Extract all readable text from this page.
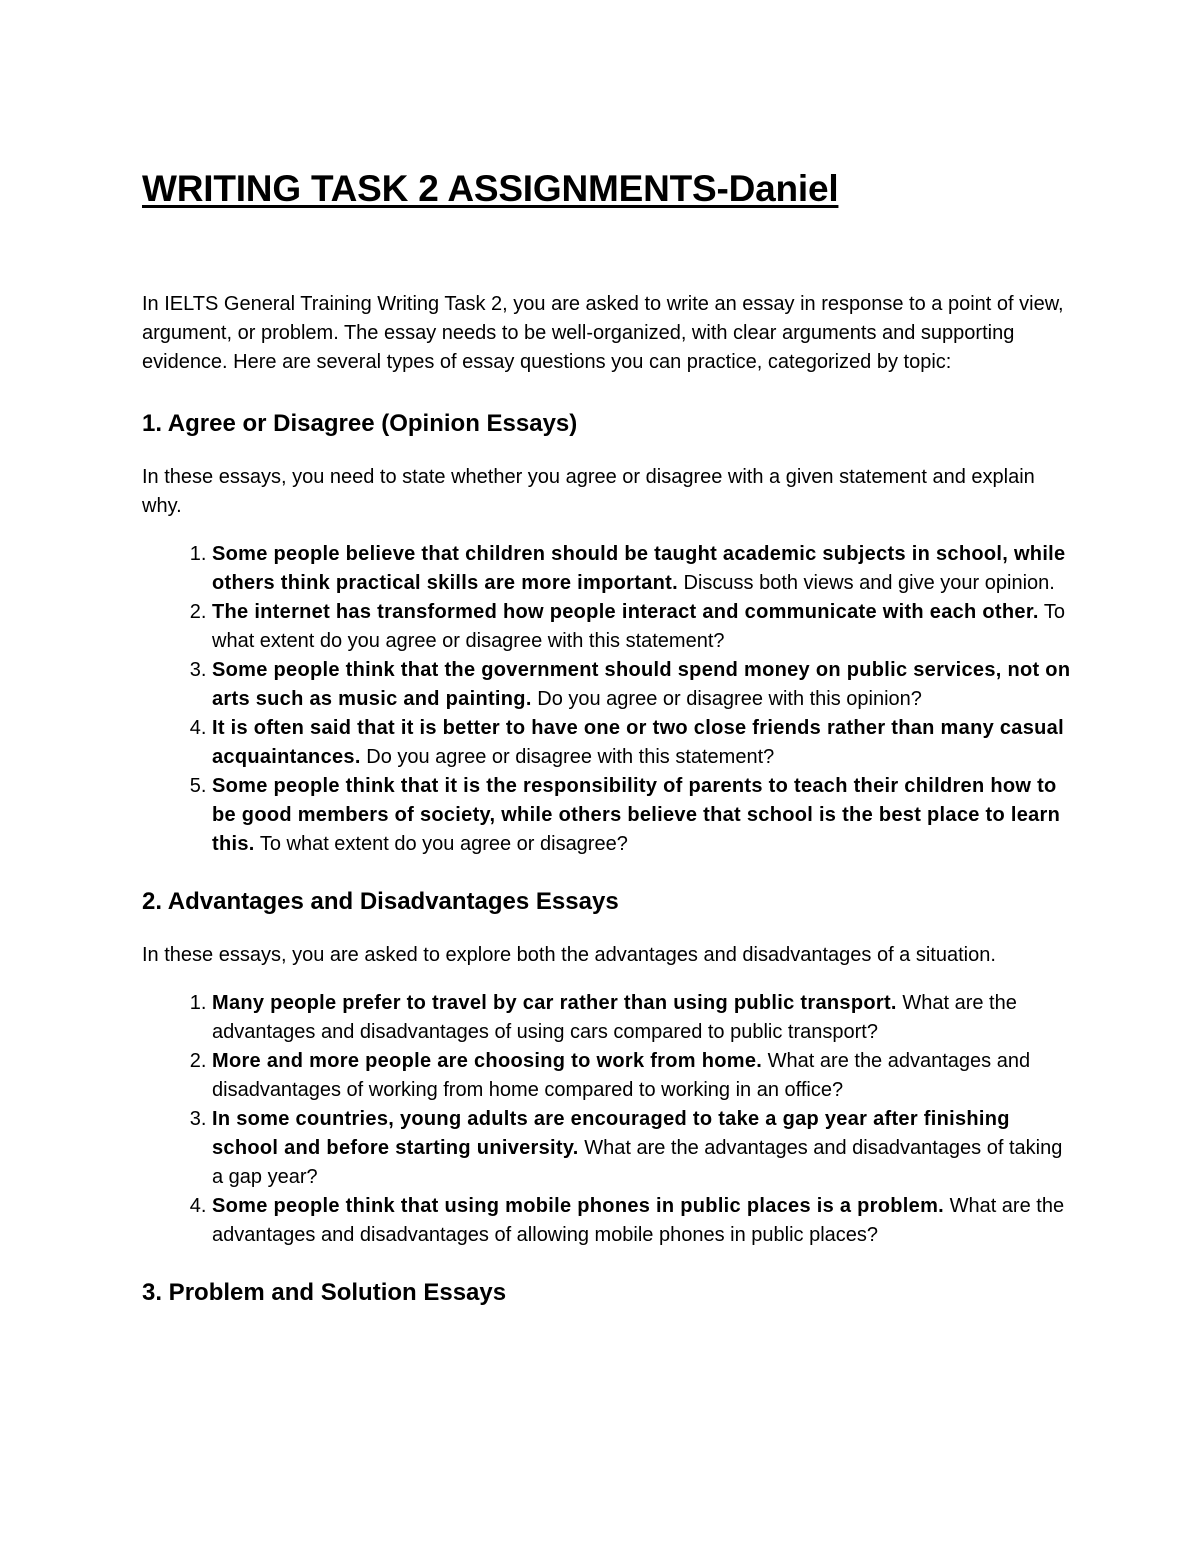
WRITING TASK 2 ASSIGNMENTS-Daniel

In IELTS General Training Writing Task 2, you are asked to write an essay in response to a point of view, argument, or problem. The essay needs to be well-organized, with clear arguments and supporting evidence. Here are several types of essay questions you can practice, categorized by topic:

1. Agree or Disagree (Opinion Essays)

In these essays, you need to state whether you agree or disagree with a given statement and explain why.

1. Some people believe that children should be taught academic subjects in school, while others think practical skills are more important. Discuss both views and give your opinion.
2. The internet has transformed how people interact and communicate with each other. To what extent do you agree or disagree with this statement?
3. Some people think that the government should spend money on public services, not on arts such as music and painting. Do you agree or disagree with this opinion?
4. It is often said that it is better to have one or two close friends rather than many casual acquaintances. Do you agree or disagree with this statement?
5. Some people think that it is the responsibility of parents to teach their children how to be good members of society, while others believe that school is the best place to learn this. To what extent do you agree or disagree?
2. Advantages and Disadvantages Essays

In these essays, you are asked to explore both the advantages and disadvantages of a situation.

1. Many people prefer to travel by car rather than using public transport. What are the advantages and disadvantages of using cars compared to public transport?
2. More and more people are choosing to work from home. What are the advantages and disadvantages of working from home compared to working in an office?
3. In some countries, young adults are encouraged to take a gap year after finishing school and before starting university. What are the advantages and disadvantages of taking a gap year?
4. Some people think that using mobile phones in public places is a problem. What are the advantages and disadvantages of allowing mobile phones in public places?
3. Problem and Solution Essays
